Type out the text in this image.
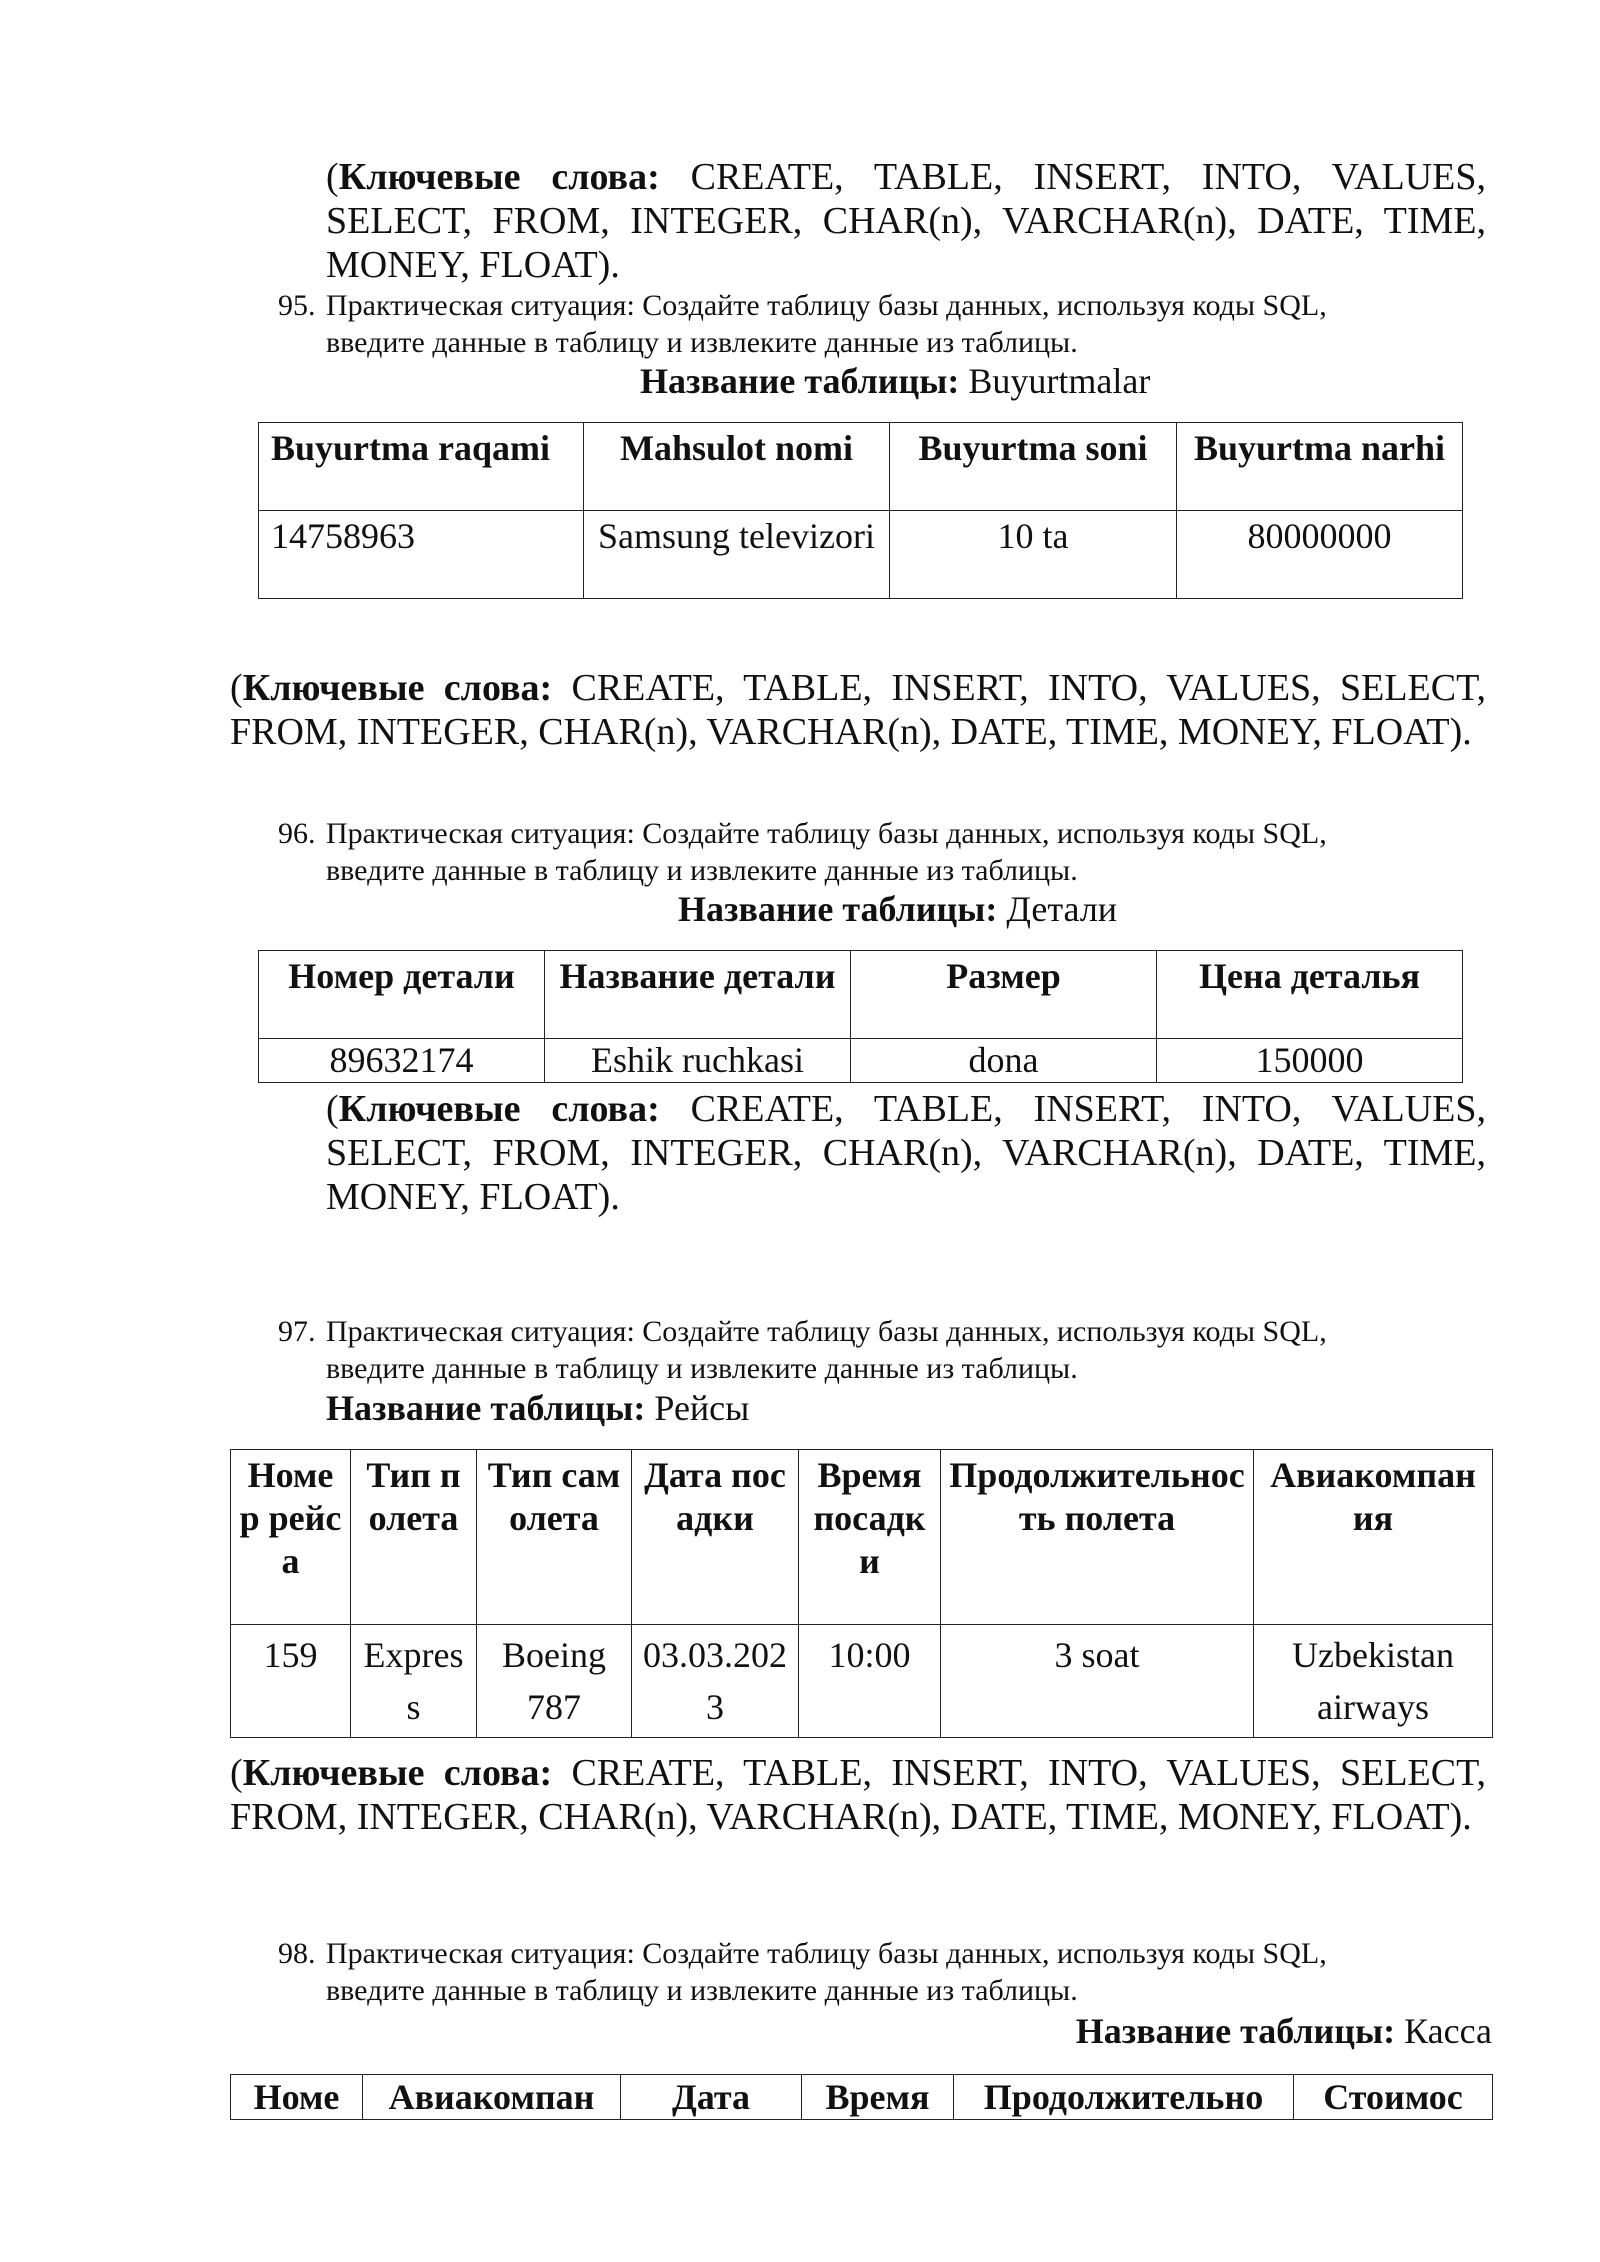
(Ключевые слова: CREATE, TABLE, INSERT, INTO, VALUES, SELECT, FROM, INTEGER, CHAR(n), VARCHAR(n), DATE, TIME, MONEY, FLOAT).
95. Практическая ситуация: Создайте таблицу базы данных, используя коды SQL, введите данные в таблицу и извлеките данные из таблицы.
Название таблицы: Buyurtmalar
Buyurtma raqami	Mahsulot nomi	Buyurtma soni	Buyurtma narhi
14758963	Samsung televizori	10 ta	80000000
(Ключевые слова: CREATE, TABLE, INSERT, INTO, VALUES, SELECT, FROM, INTEGER, CHAR(n), VARCHAR(n), DATE, TIME, MONEY, FLOAT).
96. Практическая ситуация: Создайте таблицу базы данных, используя коды SQL, введите данные в таблицу и извлеките данные из таблицы.
Название таблицы: Детали
Номер детали	Название детали	Размер	Цена деталья
89632174	Eshik ruchkasi	dona	150000
(Ключевые слова: CREATE, TABLE, INSERT, INTO, VALUES, SELECT, FROM, INTEGER, CHAR(n), VARCHAR(n), DATE, TIME, MONEY, FLOAT).
97. Практическая ситуация: Создайте таблицу базы данных, используя коды SQL, введите данные в таблицу и извлеките данные из таблицы.
Название таблицы: Рейсы
Номер рейса	Тип полета	Тип самолета	Дата посадки	Время посадки	Продолжительность полета	Авиакомпания
159	Express	Boeing 787	03.03.2023	10:00	3 soat	Uzbekistan airways
(Ключевые слова: CREATE, TABLE, INSERT, INTO, VALUES, SELECT, FROM, INTEGER, CHAR(n), VARCHAR(n), DATE, TIME, MONEY, FLOAT).
98. Практическая ситуация: Создайте таблицу базы данных, используя коды SQL, введите данные в таблицу и извлеките данные из таблицы.
Название таблицы: Касса
Номе	Авиакомпан	Дата	Время	Продолжительно	Стоимос
